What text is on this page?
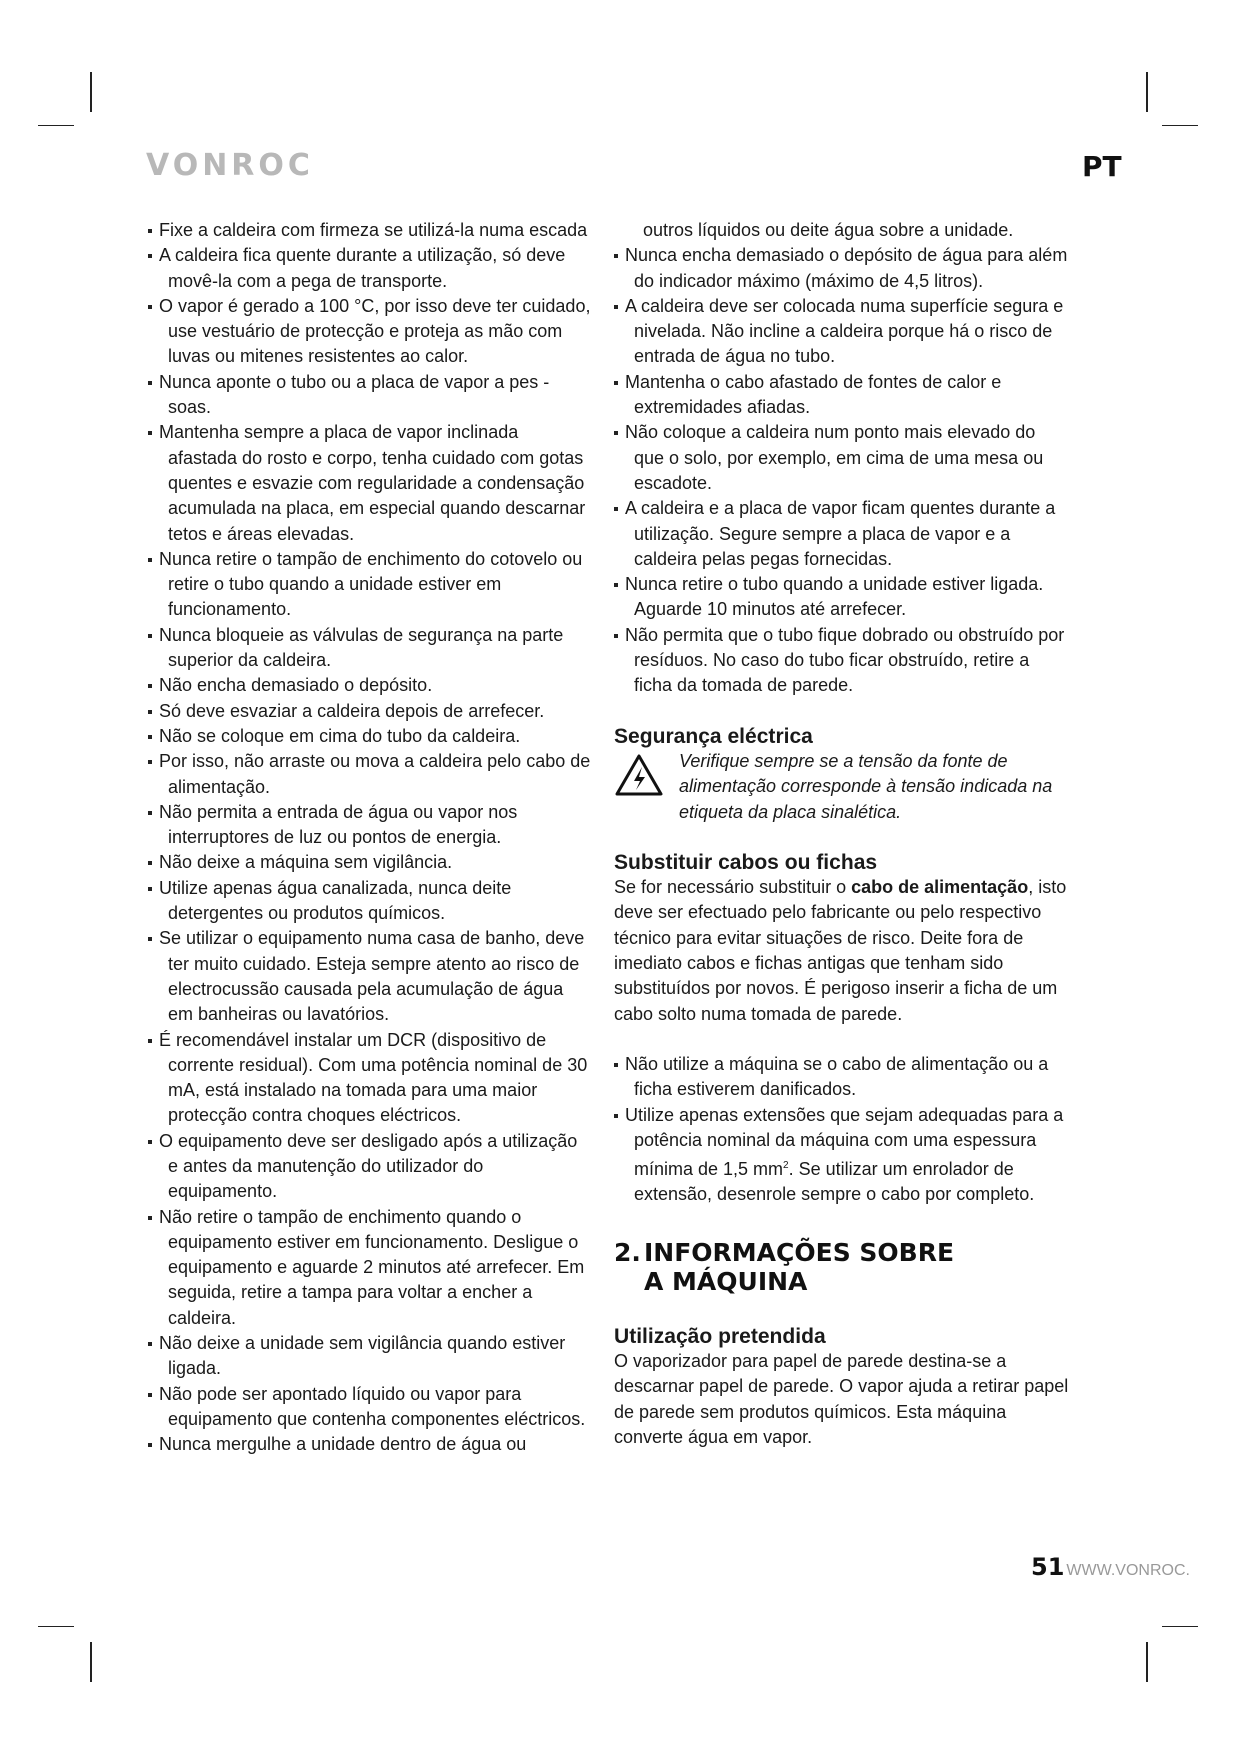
VONROC	PT
Fixe a caldeira com firmeza se utilizá-la numa escada
A caldeira fica quente durante a utilização, só deve movê-la com a pega de transporte.
O vapor é gerado a 100 °C, por isso deve ter cuidado, use vestuário de protecção e proteja as mão com luvas ou mitenes resistentes ao calor.
Nunca aponte o tubo ou a placa de vapor a pes - soas.
Mantenha sempre a placa de vapor inclinada afastada do rosto e corpo, tenha cuidado com gotas quentes e esvazie com regularidade a condensação acumulada na placa, em especial quando descarnar tetos e áreas elevadas.
Nunca retire o tampão de enchimento do cotovelo ou retire o tubo quando a unidade estiver em funcionamento.
Nunca bloqueie as válvulas de segurança na parte superior da caldeira.
Não encha demasiado o depósito.
Só deve esvaziar a caldeira depois de arrefecer.
Não se coloque em cima do tubo da caldeira.
Por isso, não arraste ou mova a caldeira pelo cabo de alimentação.
Não permita a entrada de água ou vapor nos interruptores de luz ou pontos de energia.
Não deixe a máquina sem vigilância.
Utilize apenas água canalizada, nunca deite detergentes ou produtos químicos.
Se utilizar o equipamento numa casa de banho, deve ter muito cuidado. Esteja sempre atento ao risco de electrocussão causada pela acumulação de água em banheiras ou lavatórios.
É recomendável instalar um DCR (dispositivo de corrente residual). Com uma potência nominal de 30 mA, está instalado na tomada para uma maior protecção contra choques eléctricos.
O equipamento deve ser desligado após a utilização e antes da manutenção do utilizador do equipamento.
Não retire o tampão de enchimento quando o equipamento estiver em funcionamento. Desligue o equipamento e aguarde 2 minutos até arrefecer. Em seguida, retire a tampa para voltar a encher a caldeira.
Não deixe a unidade sem vigilância quando estiver ligada.
Não pode ser apontado líquido ou vapor para equipamento que contenha componentes eléctricos.
Nunca mergulhe a unidade dentro de água ou
outros líquidos ou deite água sobre a unidade.
Nunca encha demasiado o depósito de água para além do indicador máximo (máximo de 4,5 litros).
A caldeira deve ser colocada numa superfície segura e nivelada. Não incline a caldeira porque há o risco de entrada de água no tubo.
Mantenha o cabo afastado de fontes de calor e extremidades afiadas.
Não coloque a caldeira num ponto mais elevado do que o solo, por exemplo, em cima de uma mesa ou escadote.
A caldeira e a placa de vapor ficam quentes durante a utilização. Segure sempre a placa de vapor e a caldeira pelas pegas fornecidas.
Nunca retire o tubo quando a unidade estiver ligada. Aguarde 10 minutos até arrefecer.
Não permita que o tubo fique dobrado ou obstruído por resíduos. No caso do tubo ficar obstruído, retire a ficha da tomada de parede.
Segurança eléctrica
Verifique sempre se a tensão da fonte de alimentação corresponde à tensão indicada na etiqueta da placa sinalética.
Substituir cabos ou fichas

Se for necessário substituir o cabo de alimentação, isto deve ser efectuado pelo fabricante ou pelo respectivo técnico para evitar situações de risco. Deite fora de imediato cabos e fichas antigas que tenham sido substituídos por novos. É perigoso inserir a ficha de um cabo solto numa tomada de parede.

Não utilize a máquina se o cabo de alimentação ou a ficha estiverem danificados.
Utilize apenas extensões que sejam adequadas para a potência nominal da máquina com uma espessura mínima de 1,5 $mm^2$. Se utilizar um enrolador de extensão, desenrole sempre o cabo por completo.
2. INFORMAÇÕES SOBRE
A MÁQUINA
Utilização pretendida

O vaporizador para papel de parede destina-se a descarnar papel de parede. O vapor ajuda a retirar papel de parede sem produtos químicos. Esta máquina converte água em vapor.

51 WWW.VONROC.
